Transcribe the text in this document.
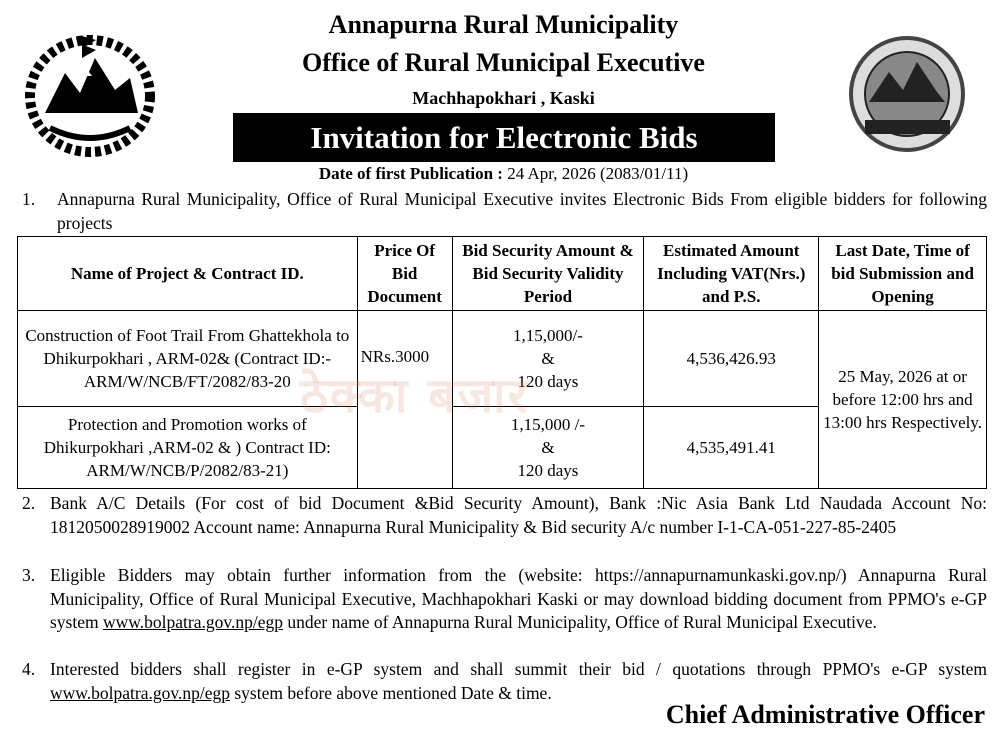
Annapurna Rural Municipality
Office of Rural Municipal Executive
Machhapokhari , Kaski
Invitation for Electronic Bids
Date of first Publication : 24 Apr, 2026 (2083/01/11)
1. Annapurna Rural Municipality, Office of Rural Municipal Executive invites Electronic Bids From eligible bidders for following projects
Name of Project & Contract ID.	Price Of Bid Document	Bid Security Amount & Bid Security Validity Period	Estimated Amount Including VAT(Nrs.) and P.S.	Last Date, Time of bid Submission and Opening
Construction of Foot Trail From Ghattekhola to Dhikurpokhari , ARM-02& (Contract ID:- ARM/W/NCB/FT/2082/83-20	NRs.3000	1,15,000/-
&
120 days	4,536,426.93	25 May, 2026 at or before 12:00 hrs and 13:00 hrs Respectively.
Protection and Promotion works of Dhikurpokhari ,ARM-02 & ) Contract ID: ARM/W/NCB/P/2082/83-21)		1,15,000 /-
&
120 days	4,535,491.41	
ठेक्का बजार
2. Bank A/C Details (For cost of bid Document &Bid Security Amount), Bank :Nic Asia Bank Ltd Naudada Account No: 1812050028919002 Account name: Annapurna Rural Municipality & Bid security A/c number I-1-CA-051-227-85-2405
3. Eligible Bidders may obtain further information from the (website: https://annapurnamunkaski.gov.np/) Annapurna Rural Municipality, Office of Rural Municipal Executive, Machhapokhari Kaski or may download bidding document from PPMO's e-GP system www.bolpatra.gov.np/egp under name of Annapurna Rural Municipality, Office of Rural Municipal Executive.
4. Interested bidders shall register in e-GP system and shall summit their bid / quotations through PPMO's e-GP system www.bolpatra.gov.np/egp system before above mentioned Date & time.
Chief Administrative Officer
